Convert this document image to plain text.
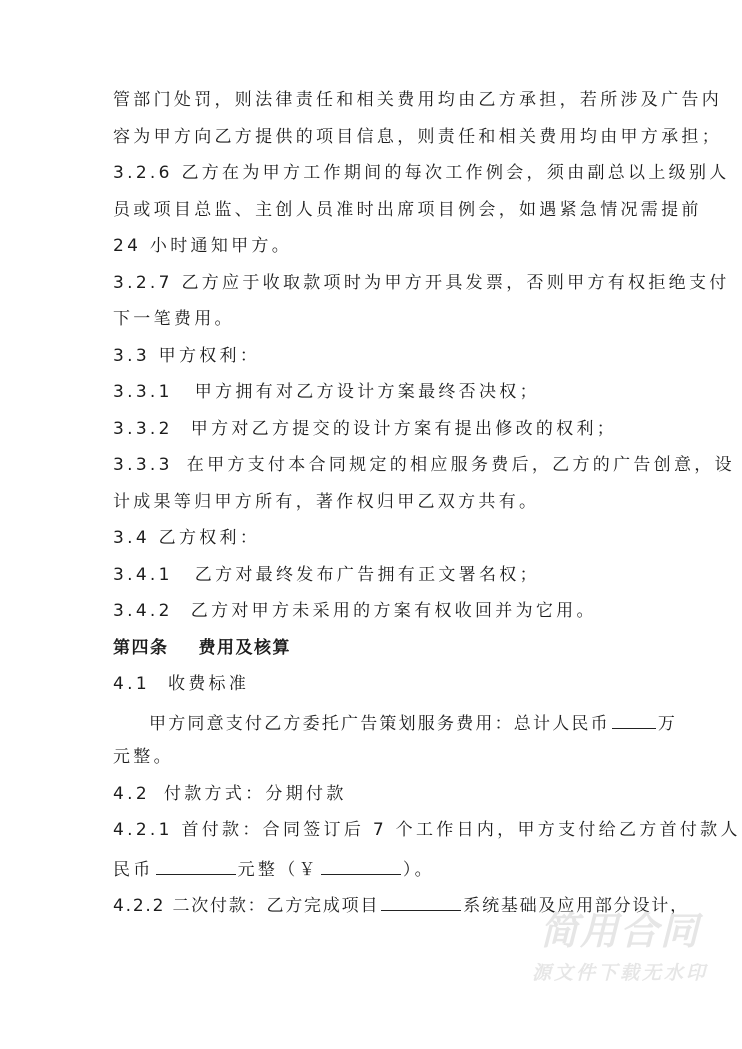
管部门处罚，则法律责任和相关费用均由乙方承担，若所涉及广告内
容为甲方向乙方提供的项目信息，则责任和相关费用均由甲方承担；
3.2.6 乙方在为甲方工作期间的每次工作例会，须由副总以上级别人
员或项目总监、主创人员准时出席项目例会，如遇紧急情况需提前
24 小时通知甲方。
3.2.7 乙方应于收取款项时为甲方开具发票，否则甲方有权拒绝支付
下一笔费用。
3.3 甲方权利：
3.3.1 甲方拥有对乙方设计方案最终否决权；
3.3.2 甲方对乙方提交的设计方案有提出修改的权利；
3.3.3 在甲方支付本合同规定的相应服务费后，乙方的广告创意，设
计成果等归甲方所有，著作权归甲乙双方共有。
3.4 乙方权利：
3.4.1 乙方对最终发布广告拥有正文署名权；
3.4.2 乙方对甲方未采用的方案有权收回并为它用。
第四条 费用及核算
4.1 收费标准
甲方同意支付乙方委托广告策划服务费用：总计人民币	万
元整。
4.2 付款方式：分期付款
4.2.1 首付款：合同签订后 7 个工作日内，甲方支付给乙方首付款人
民币	元整（￥	）。
4.2.2 二次付款：乙方完成项目	系统基础及应用部分设计，
简用合同
源文件下载无水印
